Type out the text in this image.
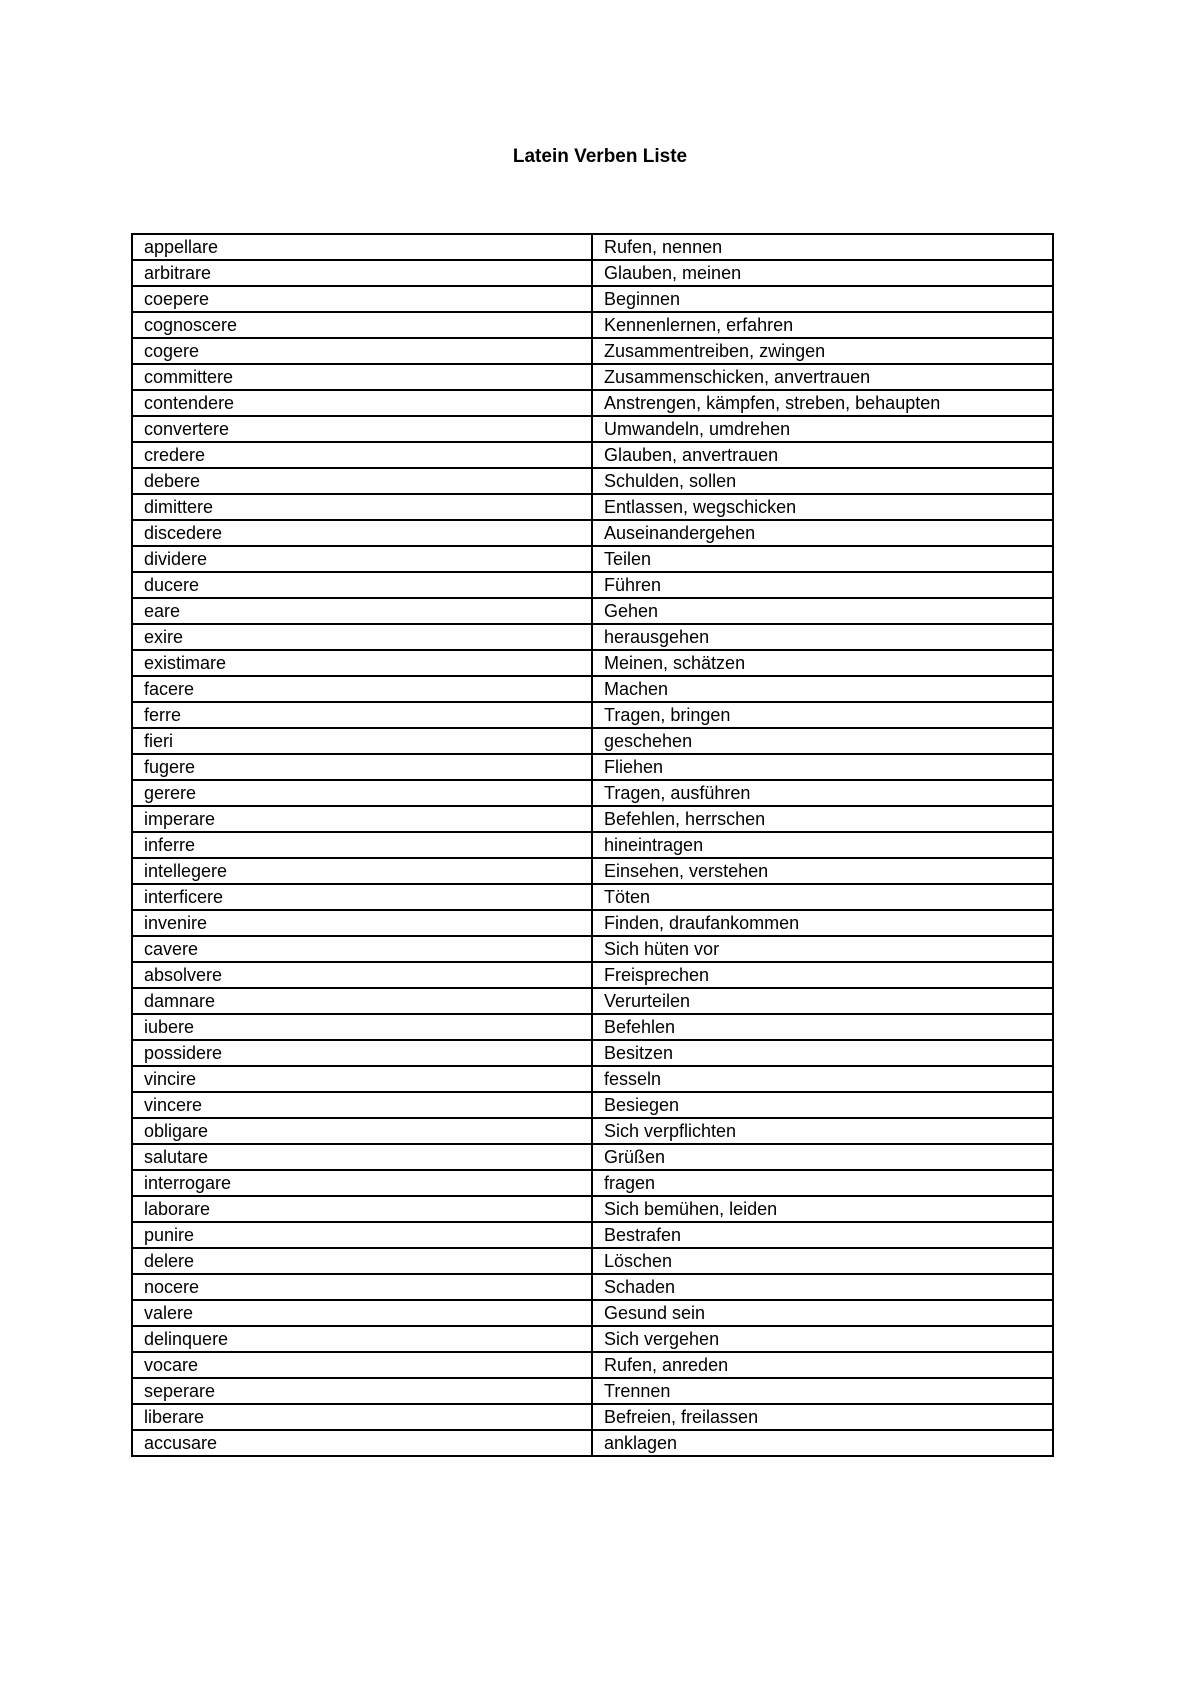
Latein Verben Liste
appellare	Rufen, nennen
arbitrare	Glauben, meinen
coepere	Beginnen
cognoscere	Kennenlernen, erfahren
cogere	Zusammentreiben, zwingen
committere	Zusammenschicken, anvertrauen
contendere	Anstrengen, kämpfen, streben, behaupten
convertere	Umwandeln, umdrehen
credere	Glauben, anvertrauen
debere	Schulden, sollen
dimittere	Entlassen, wegschicken
discedere	Auseinandergehen
dividere	Teilen
ducere	Führen
eare	Gehen
exire	herausgehen
existimare	Meinen, schätzen
facere	Machen
ferre	Tragen, bringen
fieri	geschehen
fugere	Fliehen
gerere	Tragen, ausführen
imperare	Befehlen, herrschen
inferre	hineintragen
intellegere	Einsehen, verstehen
interficere	Töten
invenire	Finden, draufankommen
cavere	Sich hüten vor
absolvere	Freisprechen
damnare	Verurteilen
iubere	Befehlen
possidere	Besitzen
vincire	fesseln
vincere	Besiegen
obligare	Sich verpflichten
salutare	Grüßen
interrogare	fragen
laborare	Sich bemühen, leiden
punire	Bestrafen
delere	Löschen
nocere	Schaden
valere	Gesund sein
delinquere	Sich vergehen
vocare	Rufen, anreden
seperare	Trennen
liberare	Befreien, freilassen
accusare	anklagen
